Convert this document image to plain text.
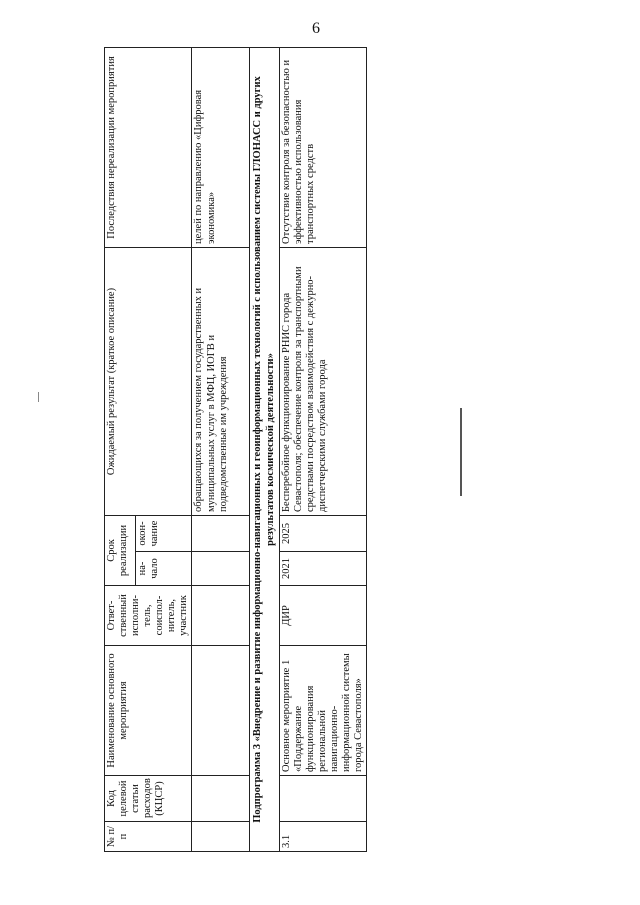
6
№ п/п	Код целевой статьи расходов (КЦСР)	Наименование основного мероприятия	Ответ-ственный исполни-тель, соиспол-нитель, участник	Срок реализации		Ожидаемый результат (краткое описание)	Последствия нереализации мероприятия
				на-чало	окон-чание		
						обращающихся за получением государственных и муниципальных услуг в МФЦ, ИОГВ и подведомственные им учреждения	целей по направлению «Цифровая экономика»
Подпрограмма 3 «Внедрение и развитие информационно-навигационных и геоинформационных технологий с использованием системы ГЛОНАСС и других результатов космической деятельности»							
3.1		Основное мероприятие 1 «Поддержание функционирования региональной навигационно-информационной системы города Севастополя»	ДИР	2021	2025	Бесперебойное функционирование РНИС города Севастополя; обеспечение контроля за транспортными средствами посредством взаимодействия с дежурно-диспетчерскими службами города	Отсутствие контроля за безопасностью и эффективностью использования транспортных средств
